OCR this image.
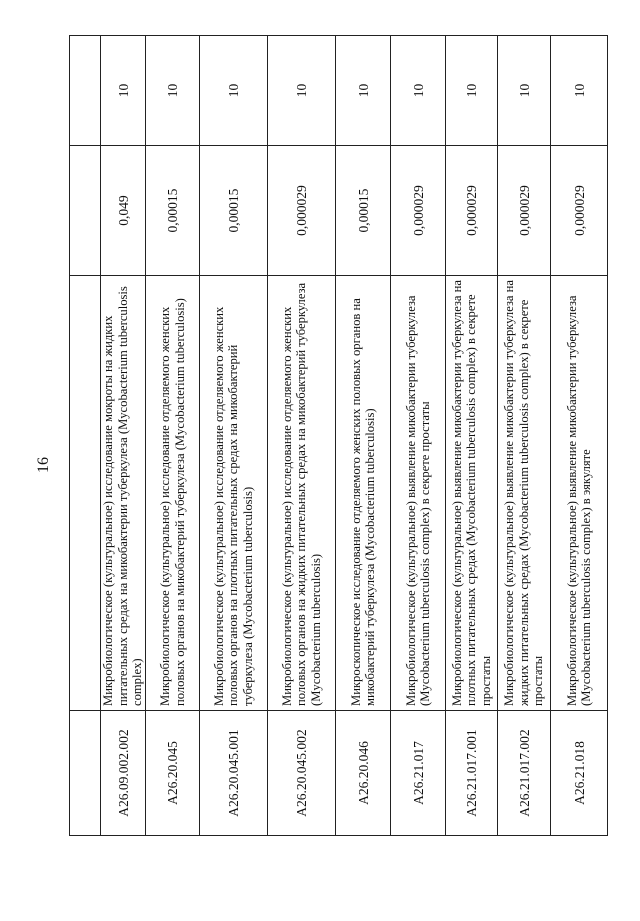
16

A26.09.002.002	Микробиологическое (культуральное) исследование мокроты на жидких питательных средах на микобактерии туберкулеза (Mycobacterium tuberculosis complex)	0,049	10
A26.20.045	Микробиологическое (культуральное) исследование отделяемого женских половых органов на микобактерий туберкулеза (Mycobacterium tuberculosis)	0,00015	10
A26.20.045.001	Микробиологическое (культуральное) исследование отделяемого женских половых органов на плотных питательных средах на микобактерий туберкулеза (Mycobacterium tuberculosis)	0,00015	10
A26.20.045.002	Микробиологическое (культуральное) исследование отделяемого женских половых органов на жидких питательных средах на микобактерий туберкулеза (Mycobacterium tuberculosis)	0,000029	10
A26.20.046	Микроскопическое исследование отделяемого женских половых органов на микобактерий туберкулеза (Mycobacterium tuberculosis)	0,00015	10
A26.21.017	Микробиологическое (культуральное) выявление микобактерии туберкулеза (Mycobacterium tuberculosis complex) в секрете простаты	0,000029	10
A26.21.017.001	Микробиологическое (культуральное) выявление микобактерии туберкулеза на плотных питательных средах (Mycobacterium tuberculosis complex) в секрете простаты	0,000029	10
A26.21.017.002	Микробиологическое (культуральное) выявление микобактерии туберкулеза на жидких питательных средах (Mycobacterium tuberculosis complex) в секрете простаты	0,000029	10
A26.21.018	Микробиологическое (культуральное) выявление микобактерии туберкулеза (Mycobacterium tuberculosis complex) в эякуляте	0,000029	10
